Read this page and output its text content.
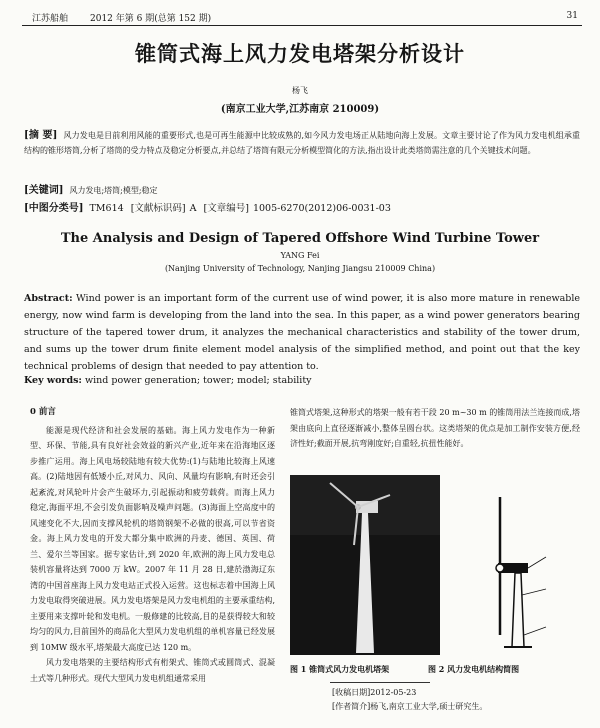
江苏船舶 2012 年第 6 期(总第 152 期)	31
锥筒式海上风力发电塔架分析设计
杨飞
(南京工业大学,江苏南京 210009)
[摘 要] 风力发电是目前利用风能的重要形式,也是可再生能源中比较成熟的,如今风力发电场正从陆地向海上发展。文章主要讨论了作为风力发电机组承重结构的锥形塔筒,分析了塔筒的受力特点及稳定分析要点,并总结了塔筒有限元分析模型简化的方法,指出设计此类塔筒需注意的几个关键技术问题。
[关键词] 风力发电;塔筒;模型;稳定
[中图分类号] TM614 [文献标识码] A [文章编号] 1005-6270(2012)06-0031-03
The Analysis and Design of Tapered Offshore Wind Turbine Tower
YANG Fei
(Nanjing University of Technology, Nanjing Jiangsu 210009 China)
Abstract: Wind power is an important form of the current use of wind power, it is also more mature in renewable energy, now wind farm is developing from the land into the sea. In this paper, as a wind power generators bearing structure of the tapered tower drum, it analyzes the mechanical characteristics and stability of the tower drum, and sums up the tower drum finite element model analysis of the simplified method, and point out that the key technical problems of design that needed to pay attention to.
Key words: wind power generation; tower; model; stability
0 前言

能源是现代经济和社会发展的基础。海上风力发电作为一种新型、环保、节能,具有良好社会效益的新兴产业,近年来在沿海地区逐步推广运用。海上风电场较陆地有较大优势:(1)与陆地比较海上风速高。(2)陆地因有低矮小丘,对风力、风向、风量均有影响,有时还会引起紊流,对风轮叶片会产生破坏力,引起振动和疲劳载荷。而海上风力稳定,海面平坦,不会引发负面影响及噪声问题。(3)海面上空高度中的风速变化不大,因而支撑风轮机的塔筒钢架不必做的很高,可以节省资金。海上风力发电的开发大都分集中欧洲的丹麦、德国、英国、荷兰、爱尔兰等国家。据专家估计,到 2020 年,欧洲的海上风力发电总装机容量将达到 7000 万 kW。2007 年 11 月 28 日,建於渤海辽东湾的中国首座海上风力发电站正式投入运营。这也标志着中国海上风力发电取得突破进展。风力发电塔架是风力发电机组的主要承重结构,主要用来支撑叶轮和发电机。一般修建的比较高,目的是获得较大和较均匀的风力,目前国外的商品化大型风力发电机组的单机容量已经发展到 10MW 级水平,塔架最大高度已达 120 m。

风力发电塔架的主要结构形式有桁架式、锥筒式或圆筒式、混凝土式等几种形式。现代大型风力发电机组通常采用

锥筒式塔架,这种形式的塔架一般有若干段 20 m~30 m 的锥筒用法兰连接而成,塔架由底向上直径逐渐减小,整体呈圆台状。这类塔架的优点是加工制作安装方便,经济性好;截面开展,抗弯刚度好;自重轻,抗扭性能好。
图 1 锥筒式风力发电机塔架	图 2 风力发电机结构简图
[收稿日期]2012-05-23
[作者简介]杨飞,南京工业大学,硕士研究生。
